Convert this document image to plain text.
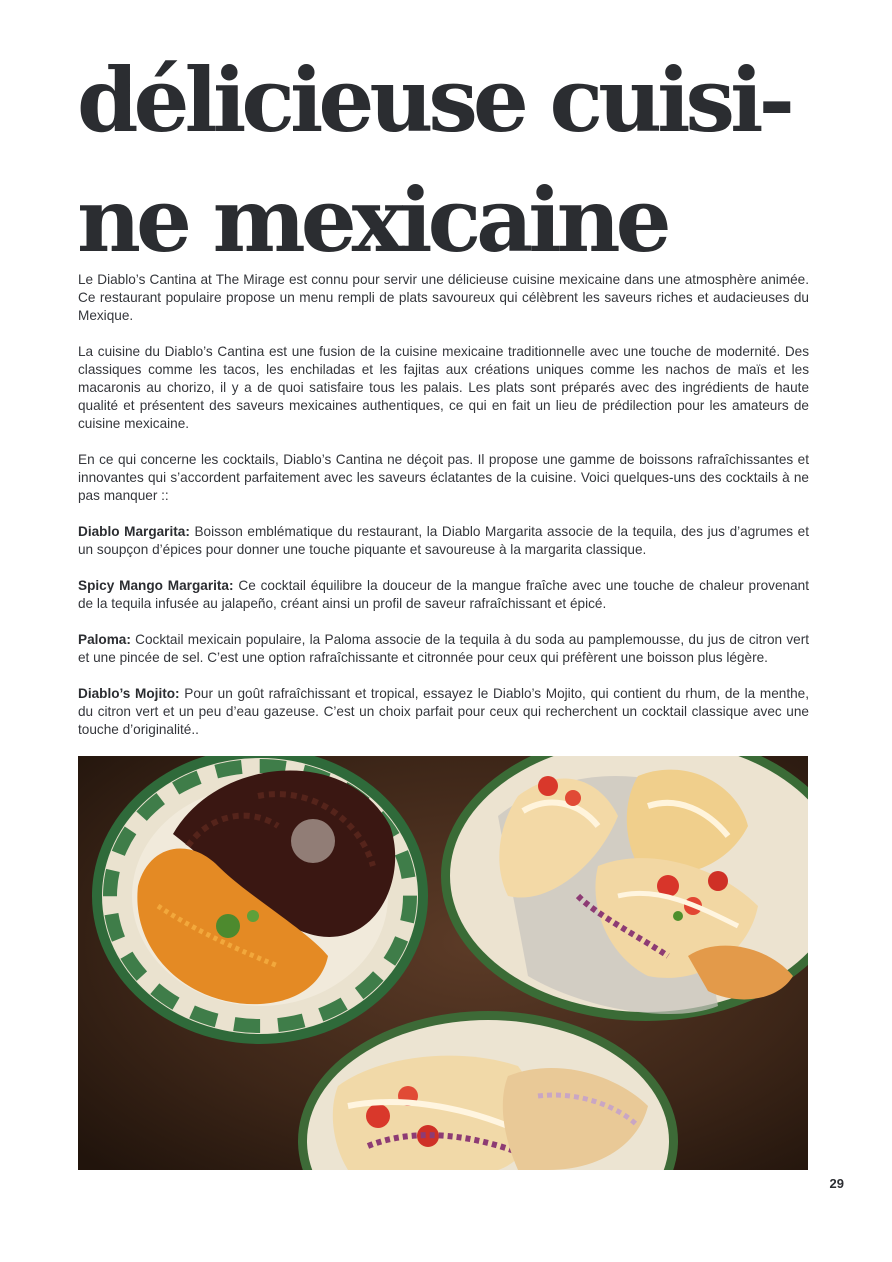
délicieuse cuisi-
ne mexicaine

Le Diablo’s Cantina at The Mirage est connu pour servir une délicieuse cuisine mexicaine dans une atmosphère animée. Ce restaurant populaire propose un menu rempli de plats savoureux qui célèbrent les saveurs riches et audacieuses du Mexique.

La cuisine du Diablo’s Cantina est une fusion de la cuisine mexicaine traditionnelle avec une touche de modernité. Des classiques comme les tacos, les enchiladas et les fajitas aux créations uniques comme les nachos de maïs et les macaronis au chorizo, il y a de quoi satisfaire tous les palais. Les plats sont préparés avec des ingrédients de haute qualité et présentent des saveurs mexicaines authentiques, ce qui en fait un lieu de prédilection pour les amateurs de cuisine mexicaine.

En ce qui concerne les cocktails, Diablo’s Cantina ne déçoit pas. Il propose une gamme de boissons rafraîchissantes et innovantes qui s’accordent parfaitement avec les saveurs éclatantes de la cuisine. Voici quelques-uns des cocktails à ne pas manquer ::

Diablo Margarita: Boisson emblématique du restaurant, la Diablo Margarita associe de la tequila, des jus d’agrumes et un soupçon d’épices pour donner une touche piquante et savoureuse à la margarita classique.

Spicy Mango Margarita: Ce cocktail équilibre la douceur de la mangue fraîche avec une touche de chaleur provenant de la tequila infusée au jalapeño, créant ainsi un profil de saveur rafraîchissant et épicé.

Paloma: Cocktail mexicain populaire, la Paloma associe de la tequila à du soda au pamplemousse, du jus de citron vert et une pincée de sel. C’est une option rafraîchissante et citronnée pour ceux qui préfèrent une boisson plus légère.

Diablo’s Mojito: Pour un goût rafraîchissant et tropical, essayez le Diablo’s Mojito, qui contient du rhum, de la menthe, du citron vert et un peu d’eau gazeuse. C’est un choix parfait pour ceux qui recherchent un cocktail classique avec une touche d’originalité..

29
